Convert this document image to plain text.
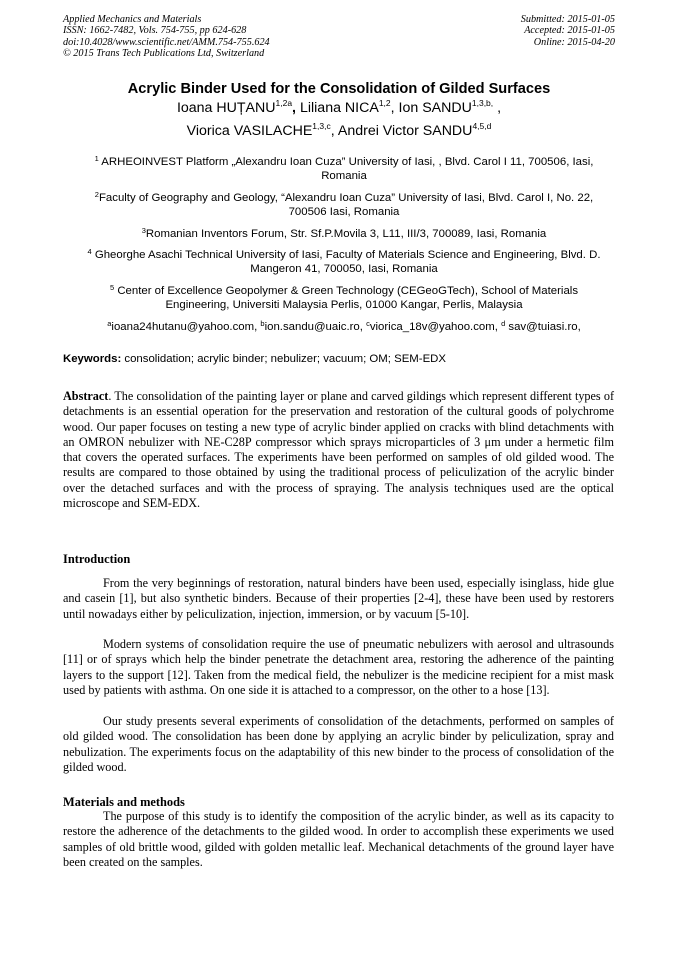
Applied Mechanics and Materials
ISSN: 1662-7482, Vols. 754-755, pp 624-628
doi:10.4028/www.scientific.net/AMM.754-755.624
© 2015 Trans Tech Publications Ltd, Switzerland
Submitted: 2015-01-05
Accepted: 2015-01-05
Online: 2015-04-20
Acrylic Binder Used for the Consolidation of Gilded Surfaces
Ioana $HUȚANU^{1,2a}$, Liliana NICA$^{1,2}$, Ion $SANDU^{1,3,b,}$ ,
Viorica VASILACHE$^{1,3,c}$, Andrei Victor SANDU$^{4,5,d}$
$^1$ ARHEOINVEST Platform „Alexandru Ioan Cuza” University of Iasi, , Blvd. Carol I 11, 700506, Iasi, Romania
$^2$Faculty of Geography and Geology, “Alexandru Ioan Cuza” University of Iasi, Blvd. Carol I, No. 22, 700506 Iasi, Romania
$^3$Romanian Inventors Forum, Str. Sf.P.Movila 3, L11, III/3, 700089, Iasi, Romania
$^4$ Gheorghe Asachi Technical University of Iasi, Faculty of Materials Science and Engineering, Blvd. D. Mangeron 41, 700050, Iasi, Romania
$^5$ Center of Excellence Geopolymer & Green Technology (CEGeoGTech), School of Materials Engineering, Universiti Malaysia Perlis, 01000 Kangar, Perlis, Malaysia
$^a$ioana24hutanu@yahoo.com, $^b$ion.sandu@uaic.ro, $^c$viorica_18v@yahoo.com, $^d$ sav@tuiasi.ro,
Keywords: consolidation; acrylic binder; nebulizer; vacuum; OM; SEM-EDX
Abstract. The consolidation of the painting layer or plane and carved gildings which represent different types of detachments is an essential operation for the preservation and restoration of the cultural goods of polychrome wood. Our paper focuses on testing a new type of acrylic binder applied on cracks with blind detachments with an OMRON nebulizer with NE-C28P compressor which sprays microparticles of 3 μm under a hermetic film that covers the operated surfaces. The experiments have been performed on samples of old gilded wood. The results are compared to those obtained by using the traditional process of peliculization of the acrylic binder over the detached surfaces and with the process of spraying. The analysis techniques used are the optical microscope and SEM-EDX.
Introduction
From the very beginnings of restoration, natural binders have been used, especially isinglass, hide glue and casein [1], but also synthetic binders. Because of their properties [2-4], these have been used by restorers until nowadays either by peliculization, injection, immersion, or by vacuum [5-10].
Modern systems of consolidation require the use of pneumatic nebulizers with aerosol and ultrasounds [11] or of sprays which help the binder penetrate the detachment area, restoring the adherence of the painting layers to the support [12]. Taken from the medical field, the nebulizer is the medicine recipient for a mist mask used by patients with asthma. On one side it is attached to a compressor, on the other to a hose [13].
Our study presents several experiments of consolidation of the detachments, performed on samples of old gilded wood. The consolidation has been done by applying an acrylic binder by peliculization, spray and nebulization. The experiments focus on the adaptability of this new binder to the process of consolidation of the gilded wood.
Materials and methods
The purpose of this study is to identify the composition of the acrylic binder, as well as its capacity to restore the adherence of the detachments to the gilded wood. In order to accomplish these experiments we used samples of old brittle wood, gilded with golden metallic leaf. Mechanical detachments of the ground layer have been created on the samples.
